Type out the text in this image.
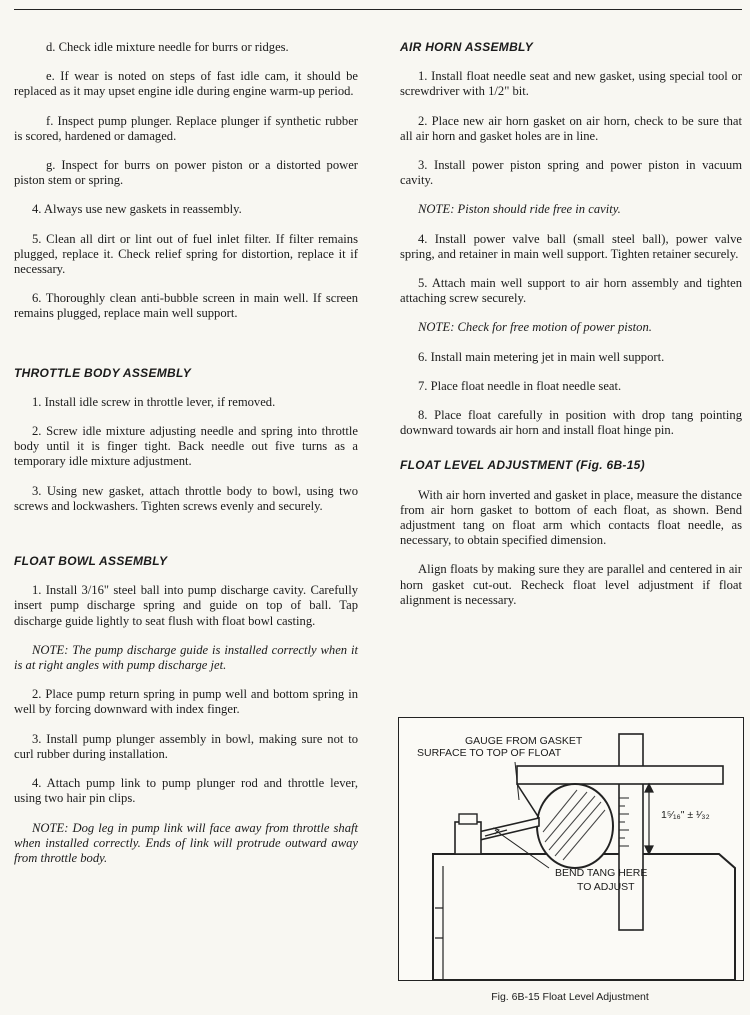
d. Check idle mixture needle for burrs or ridges.

e. If wear is noted on steps of fast idle cam, it should be replaced as it may upset engine idle during engine warm-up period.

f. Inspect pump plunger. Replace plunger if synthetic rubber is scored, hardened or damaged.

g. Inspect for burrs on power piston or a distorted power piston stem or spring.

4. Always use new gaskets in reassembly.

5. Clean all dirt or lint out of fuel inlet filter. If filter remains plugged, replace it. Check relief spring for distortion, replace it if necessary.

6. Thoroughly clean anti-bubble screen in main well. If screen remains plugged, replace main well support.

THROTTLE BODY ASSEMBLY

1. Install idle screw in throttle lever, if removed.

2. Screw idle mixture adjusting needle and spring into throttle body until it is finger tight. Back needle out five turns as a temporary idle mixture adjustment.

3. Using new gasket, attach throttle body to bowl, using two screws and lockwashers. Tighten screws evenly and securely.

FLOAT BOWL ASSEMBLY

1. Install 3/16" steel ball into pump discharge cavity. Carefully insert pump discharge spring and guide on top of ball. Tap discharge guide lightly to seat flush with float bowl casting.

NOTE: The pump discharge guide is installed correctly when it is at right angles with pump discharge jet.

2. Place pump return spring in pump well and bottom spring in well by forcing downward with index finger.

3. Install pump plunger assembly in bowl, making sure not to curl rubber during installation.

4. Attach pump link to pump plunger rod and throttle lever, using two hair pin clips.

NOTE: Dog leg in pump link will face away from throttle shaft when installed correctly. Ends of link will protrude outward away from throttle body.

AIR HORN ASSEMBLY

1. Install float needle seat and new gasket, using special tool or screwdriver with 1/2" bit.

2. Place new air horn gasket on air horn, check to be sure that all air horn and gasket holes are in line.

3. Install power piston spring and power piston in vacuum cavity.

NOTE: Piston should ride free in cavity.

4. Install power valve ball (small steel ball), power valve spring, and retainer in main well support. Tighten retainer securely.

5. Attach main well support to air horn assembly and tighten attaching screw securely.

NOTE: Check for free motion of power piston.

6. Install main metering jet in main well support.

7. Place float needle in float needle seat.

8. Place float carefully in position with drop tang pointing downward towards air horn and install float hinge pin.

FLOAT LEVEL ADJUSTMENT (Fig. 6B-15)

With air horn inverted and gasket in place, measure the distance from air horn gasket to bottom of each float, as shown. Bend adjustment tang on float arm which contacts float needle, as necessary, to obtain specified dimension.

Align floats by making sure they are parallel and centered in air horn gasket cut-out. Recheck float level adjustment if float alignment is necessary.

GAUGE FROM GASKET
SURFACE TO TOP OF FLOAT
1⁵⁄₁₆" ± ¹⁄₃₂
BEND TANG HERE
TO ADJUST
Fig. 6B-15 Float Level Adjustment
